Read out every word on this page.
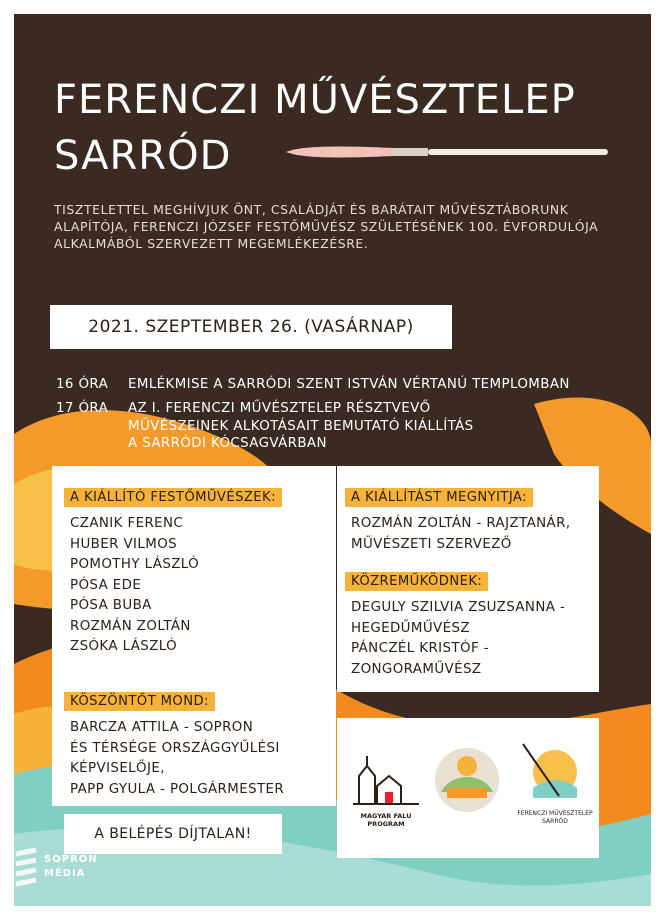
FERENCZI MŰVÉSZTELEP
SARRÓD
TISZTELETTEL MEGHÍVJUK ÖNT, CSALÁDJÁT ÉS BARÁTAIT MŰVÉSZTÁBORUNK ALAPÍTÓJA, FERENCZI JÓZSEF FESTŐMŰVÉSZ SZÜLETÉSÉNEK 100. ÉVFORDULÓJA ALKALMÁBÓL SZERVEZETT MEGEMLÉKEZÉSRE.
2021. SZEPTEMBER 26. (VASÁRNAP)
16 ÓRA	EMLÉKMISE A SARRÓDI SZENT ISTVÁN VÉRTANÚ TEMPLOMBAN
17 ÓRA	AZ I. FERENCZI MŰVÉSZTELEP RÉSZTVEVŐ
MŰVÉSZEINEK ALKOTÁSAIT BEMUTATÓ KIÁLLÍTÁS
A SARRÓDI KÓCSAGVÁRBAN
A KIÁLLÍTÓ FESTŐMŰVÉSZEK:
CZANIK FERENC
HUBER VILMOS
POMOTHY LÁSZLÓ
PÓSA EDE
PÓSA BUBA
ROZMÁN ZOLTÁN
ZSÓKA LÁSZLÓ
KÖSZÖNTŐT MOND:
BARCZA ATTILA - SOPRON
ÉS TÉRSÉGE ORSZÁGGYŰLÉSI
KÉPVISELŐJE,
PAPP GYULA - POLGÁRMESTER
A KIÁLLÍTÁST MEGNYITJA:
ROZMÁN ZOLTÁN - RAJZTANÁR,
MŰVÉSZETI SZERVEZŐ
KÖZREMŰKÖDNEK:
DEGULY SZILVIA ZSUZSANNA -
HEGEDŰMŰVÉSZ
PÁNCZÉL KRISTÓF -
ZONGORAMŰVÉSZ
MAGYAR FALU
PROGRAM
FERENCZI MŰVÉSZTELEP
SARRÓD
A BELÉPÉS DÍJTALAN!
SOPRON
MÉDIA
